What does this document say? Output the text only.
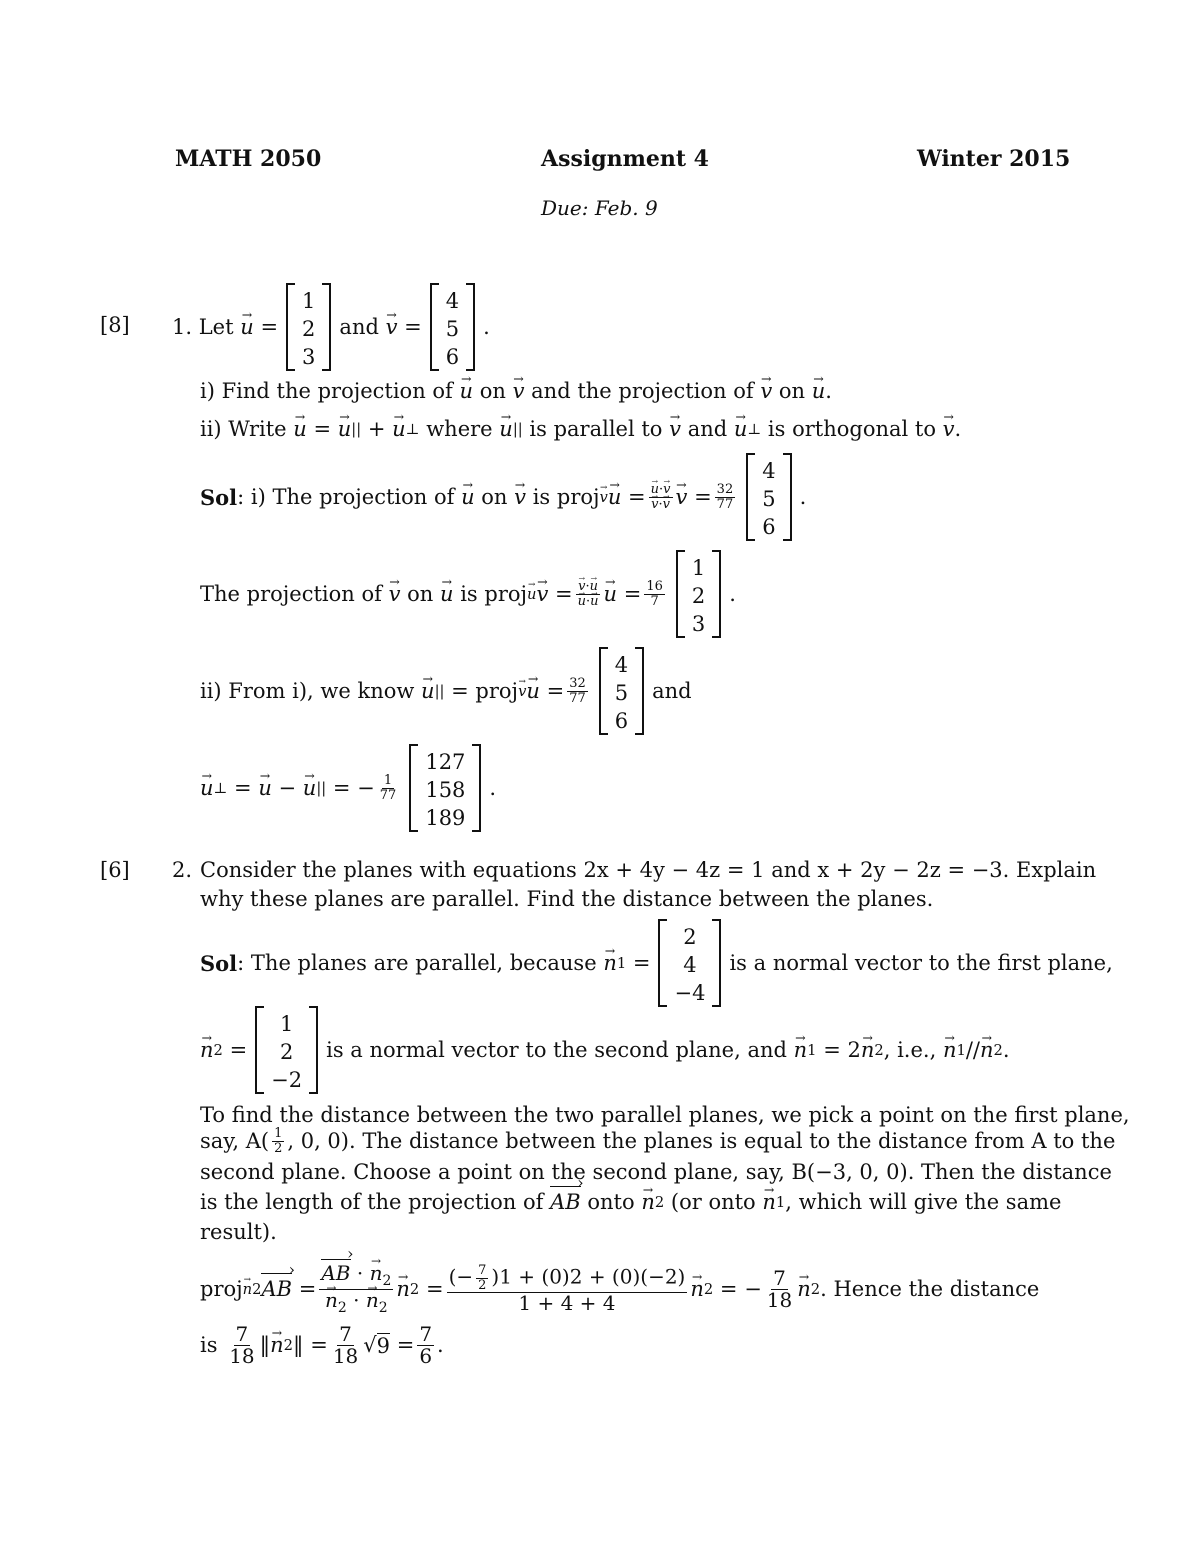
MATH 2050	Assignment 4	Winter 2015
Due: Feb. 9
[8] 1.
Let

→ u =
1
2
3
and

→ v =
4
5
6
.
i) Find the projection of

→ u
on

→ v
and the projection of

→ v
on

→ u .
ii) Write

→ u =
→ u || +
→ u ⊥
where

→ u ||
is parallel to

→ v
and

→ u ⊥
is orthogonal to

→ v .
Sol : i) The projection of

→ u
on

→ v
is proj
→ v
→ u =
→ u·→ v
→ v·→ v
→ $v = \frac{32}{77}$
4
5
6
.
The projection of

→ v
on

→ u
is proj
→ u
→ v =
→ v·→ u
→ u·→ u
→ $u = \frac{16}{7}$
1
2
3
.
ii) From i), we know

→ u || = proj
→ v
→ $u = \frac{32}{77}$
4
5
6
and
→ u ⊥ =
→ u −
→ u || = − $\frac{1}{77}$
127
158
189
.
[6] 2. Consider the planes with equations 2x + 4y − 4z = 1 and x + 2y − 2z = −3. Explain
why these planes are parallel. Find the distance between the planes.
Sol : The planes are parallel, because

→ n 1 =
2
4
−4
is a normal vector to the first plane,
→ n 2 =
1
2
−2
is a normal vector to the second plane, and

→ n 1 = 2
→ n 2 , i.e.,

→ n 1 //
→ n 2 .
To find the distance between the two parallel planes, we pick a point on the first plane,
say, $A( \frac{1}{2}$ , 0, 0). The distance between the planes is equal to the distance from A to the
second plane. Choose a point on the second plane, say, B(−3, 0, 0). Then the distance
is the length of the projection of
AB ›
onto

→ n 2
(or onto

→ n 1 , which will give the same
result).
proj
→ n2 AB › = AB › · → $n_2$
→ $n_2$ · → $n_2$
→ n $2 = \frac{(- \frac{7}{2} )1 + (0)2 + (0)(-2)}{1 + 4 + 4}$
→ n 2 = − $\frac{7}{18}$
→ n 2 . Hence the distance
is
$\frac{7}{18}$ ‖
→ n 2 ‖ = $\frac{7}{18}$ √ $9 = \frac{7}{6}$ .
